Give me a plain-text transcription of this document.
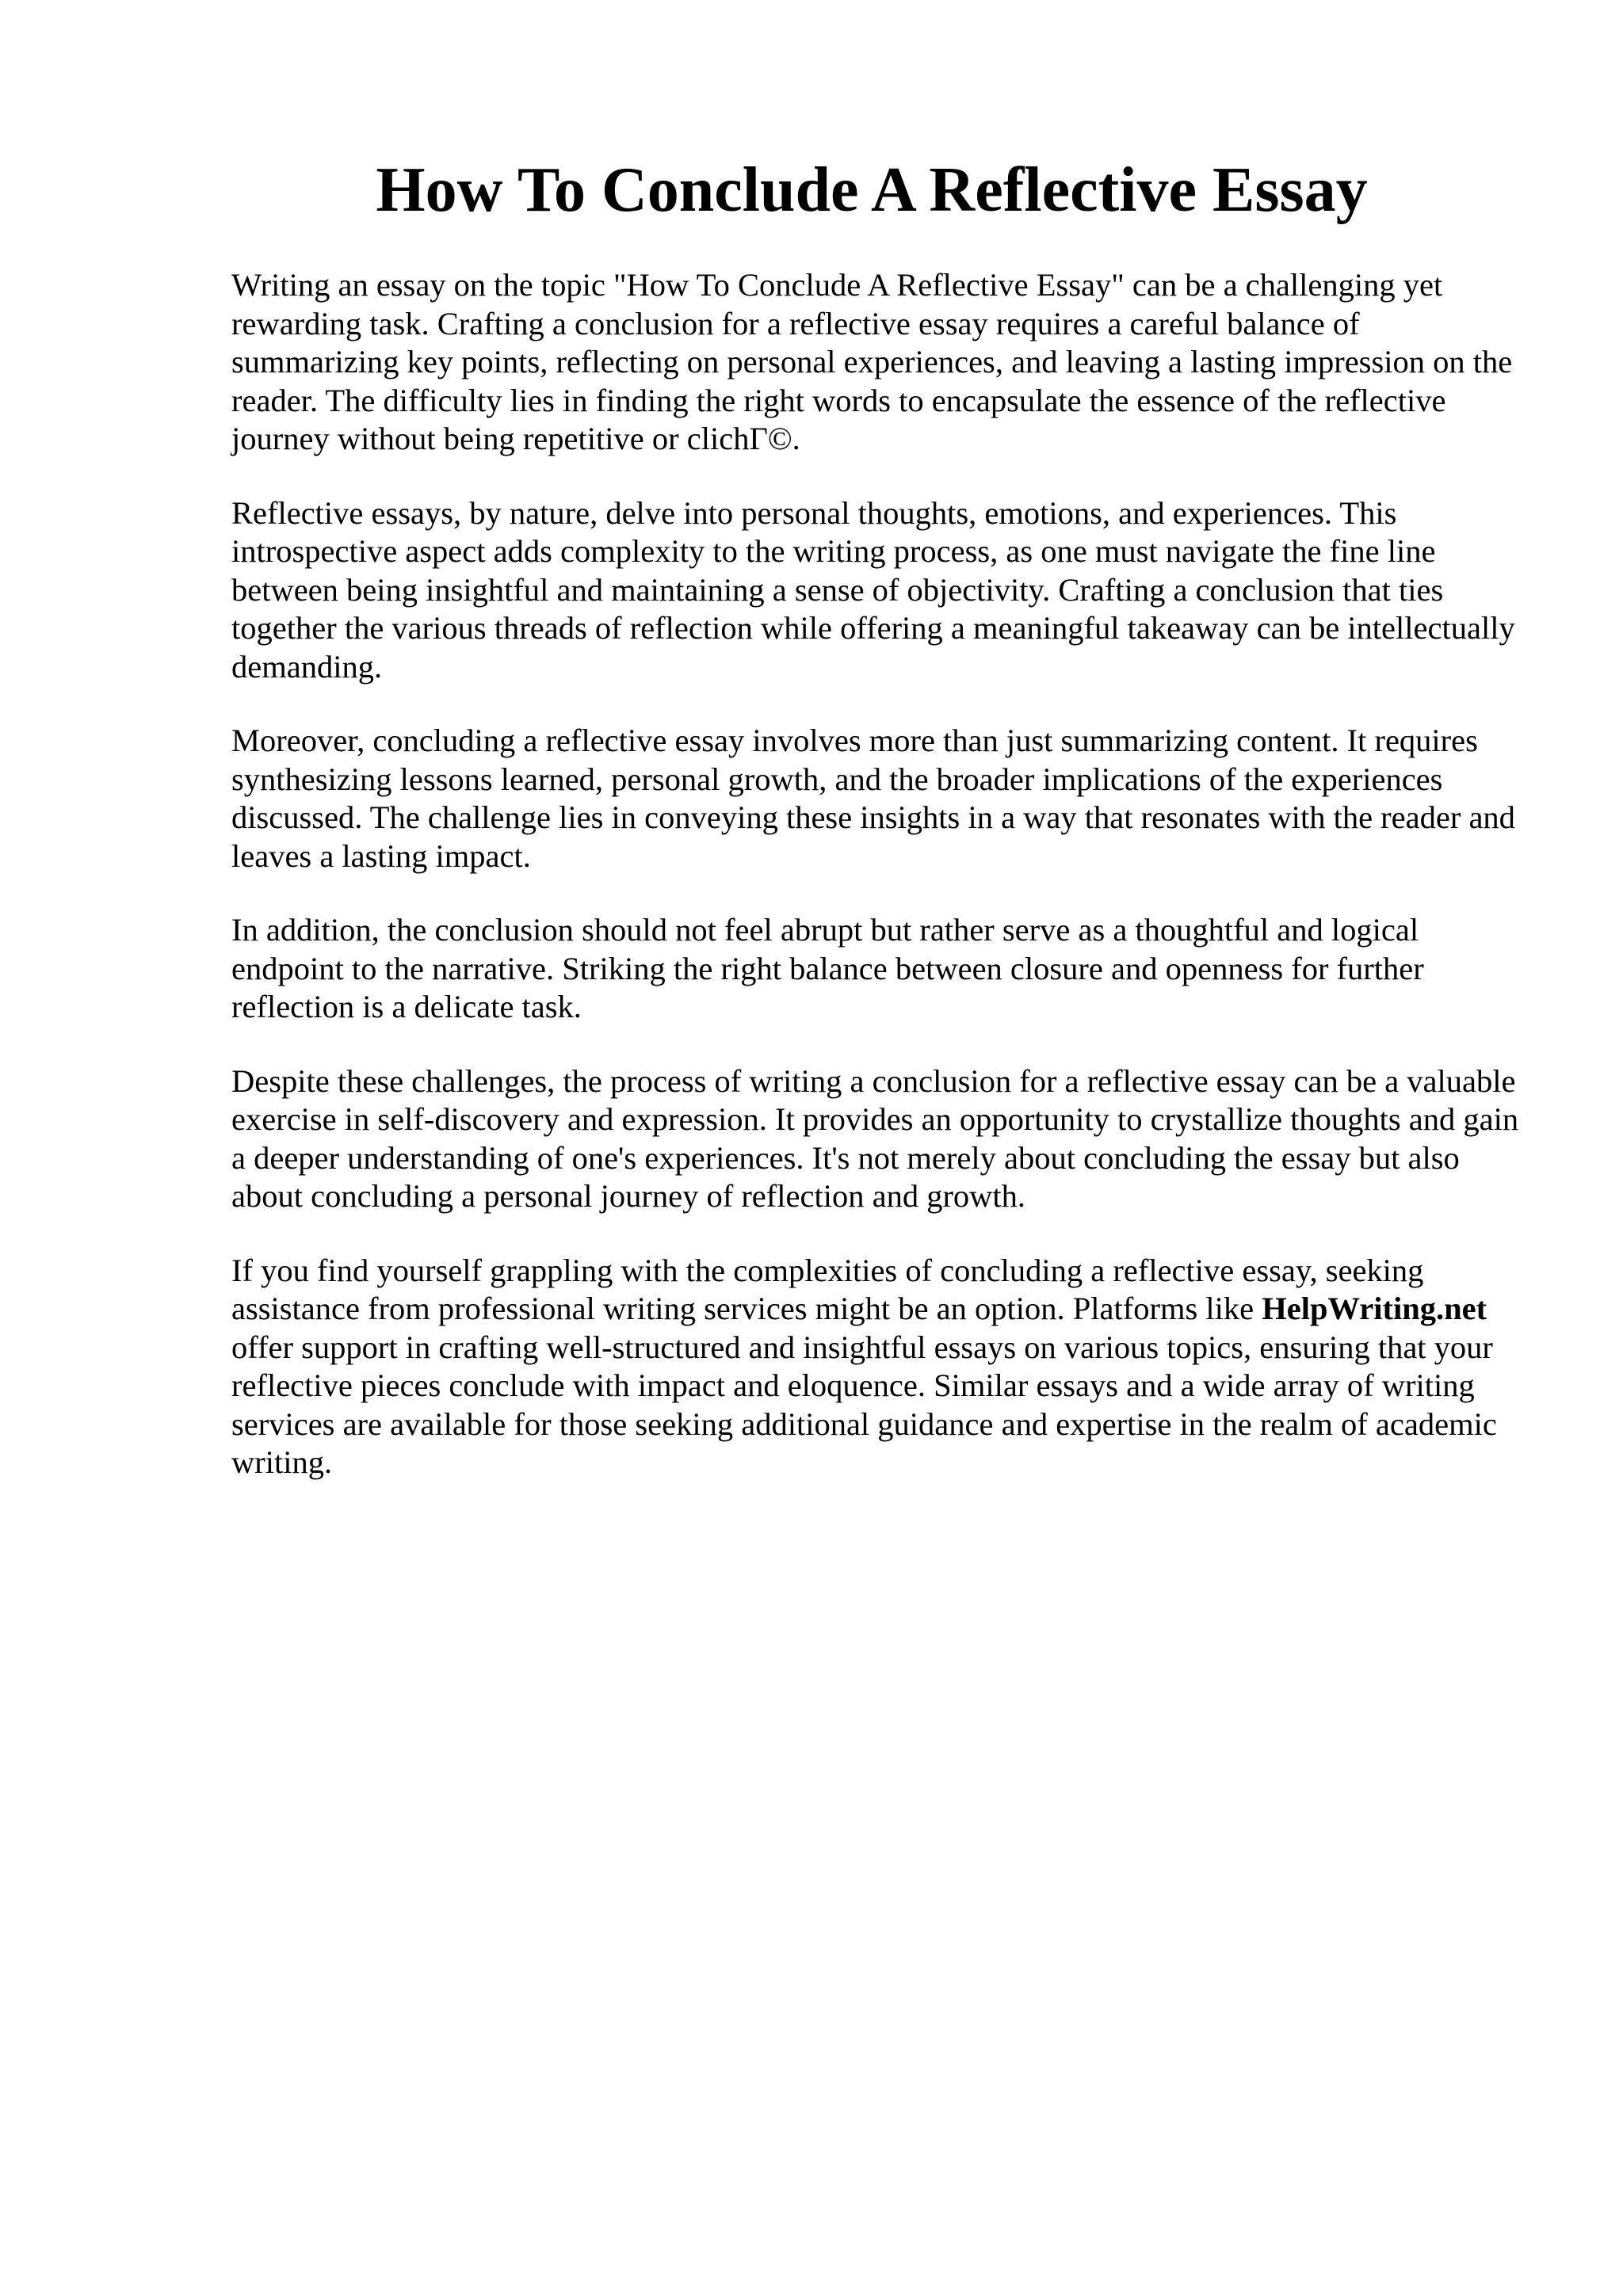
How To Conclude A Reflective Essay

Writing an essay on the topic "How To Conclude A Reflective Essay" can be a challenging yet rewarding task. Crafting a conclusion for a reflective essay requires a careful balance of summarizing key points, reflecting on personal experiences, and leaving a lasting impression on the reader. The difficulty lies in finding the right words to encapsulate the essence of the reflective journey without being repetitive or clichΓ©.

Reflective essays, by nature, delve into personal thoughts, emotions, and experiences. This introspective aspect adds complexity to the writing process, as one must navigate the fine line between being insightful and maintaining a sense of objectivity. Crafting a conclusion that ties together the various threads of reflection while offering a meaningful takeaway can be intellectually demanding.

Moreover, concluding a reflective essay involves more than just summarizing content. It requires synthesizing lessons learned, personal growth, and the broader implications of the experiences discussed. The challenge lies in conveying these insights in a way that resonates with the reader and leaves a lasting impact.

In addition, the conclusion should not feel abrupt but rather serve as a thoughtful and logical endpoint to the narrative. Striking the right balance between closure and openness for further reflection is a delicate task.

Despite these challenges, the process of writing a conclusion for a reflective essay can be a valuable exercise in self-discovery and expression. It provides an opportunity to crystallize thoughts and gain a deeper understanding of one's experiences. It's not merely about concluding the essay but also about concluding a personal journey of reflection and growth.

If you find yourself grappling with the complexities of concluding a reflective essay, seeking assistance from professional writing services might be an option. Platforms like HelpWriting.net offer support in crafting well-structured and insightful essays on various topics, ensuring that your reflective pieces conclude with impact and eloquence. Similar essays and a wide array of writing services are available for those seeking additional guidance and expertise in the realm of academic writing.
